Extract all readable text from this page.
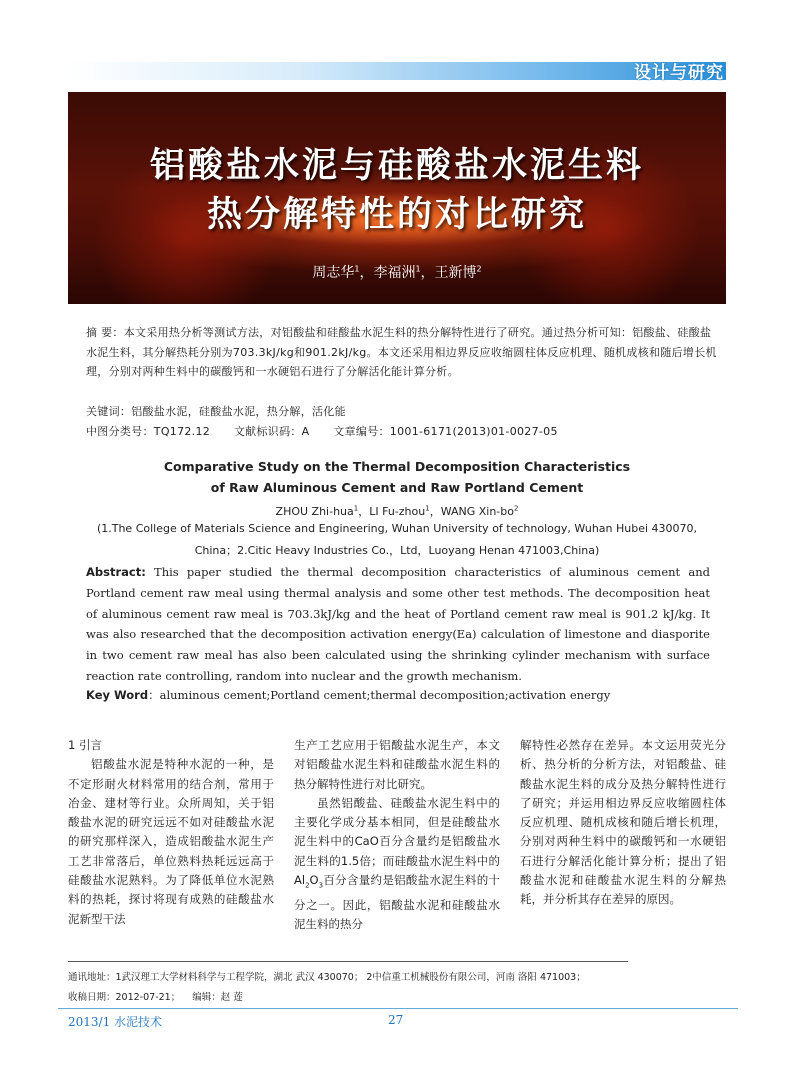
设计与研究
铝酸盐水泥与硅酸盐水泥生料
热分解特性的对比研究
周志华$^1$，李福洲$^1$，王新博$^2$
摘 要：本文采用热分析等测试方法，对铝酸盐和硅酸盐水泥生料的热分解特性进行了研究。通过热分析可知：铝酸盐、硅酸盐水泥生料，其分解热耗分别为703.3kJ/kg和901.2kJ/kg。本文还采用相边界反应收缩圆柱体反应机理、随机成核和随后增长机理，分别对两种生料中的碳酸钙和一水硬铝石进行了分解活化能计算分析。
关键词：铝酸盐水泥，硅酸盐水泥，热分解，活化能
中图分类号：TQ172.12 文献标识码：A 文章编号：1001-6171(2013)01-0027-05
Comparative Study on the Thermal Decomposition Characteristics
of Raw Aluminous Cement and Raw Portland Cement
ZHOU Zhi-hua$^1$，LI Fu-zhou$^1$，WANG Xin-$bo^2$
(1.The College of Materials Science and Engineering, Wuhan University of technology, Wuhan Hubei 430070,
China；2.Citic Heavy Industries Co.，Ltd，Luoyang Henan 471003,China)
Abstract: This paper studied the thermal decomposition characteristics of aluminous cement and Portland cement raw meal using thermal analysis and some other test methods. The decomposition heat of aluminous cement raw meal is 703.3kJ/kg and the heat of Portland cement raw meal is 901.2 kJ/kg. It was also researched that the decomposition activation energy(Ea) calculation of limestone and diasporite in two cement raw meal has also been calculated using the shrinking cylinder mechanism with surface reaction rate controlling, random into nuclear and the growth mechanism.
Key Word：aluminous cement;Portland cement;thermal decomposition;activation energy

1 引言

铝酸盐水泥是特种水泥的一种，是不定形耐火材料常用的结合剂，常用于冶金、建材等行业。众所周知，关于铝酸盐水泥的研究远远不如对硅酸盐水泥的研究那样深入，造成铝酸盐水泥生产工艺非常落后，单位熟料热耗远远高于硅酸盐水泥熟料。为了降低单位水泥熟料的热耗，探讨将现有成熟的硅酸盐水泥新型干法

生产工艺应用于铝酸盐水泥生产，本文对铝酸盐水泥生料和硅酸盐水泥生料的热分解特性进行对比研究。

虽然铝酸盐、硅酸盐水泥生料中的主要化学成分基本相同，但是硅酸盐水泥生料中的CaO百分含量约是铝酸盐水泥生料的1.5倍；而硅酸盐水泥生料中的$Al_2O_3$百分含量约是铝酸盐水泥生料的十分之一。因此，铝酸盐水泥和硅酸盐水泥生料的热分

解特性必然存在差异。本文运用荧光分析、热分析的分析方法，对铝酸盐、硅酸盐水泥生料的成分及热分解特性进行了研究；并运用相边界反应收缩圆柱体反应机理、随机成核和随后增长机理，分别对两种生料中的碳酸钙和一水硬铝石进行分解活化能计算分析；提出了铝酸盐水泥和硅酸盐水泥生料的分解热耗，并分析其存在差异的原因。

通讯地址：1武汉理工大学材料科学与工程学院，湖北 武汉 430070； 2中信重工机械股份有限公司，河南 洛阳 471003；
收稿日期：2012-07-21； 编辑：赵 莲
2013/1 水泥技术	27
